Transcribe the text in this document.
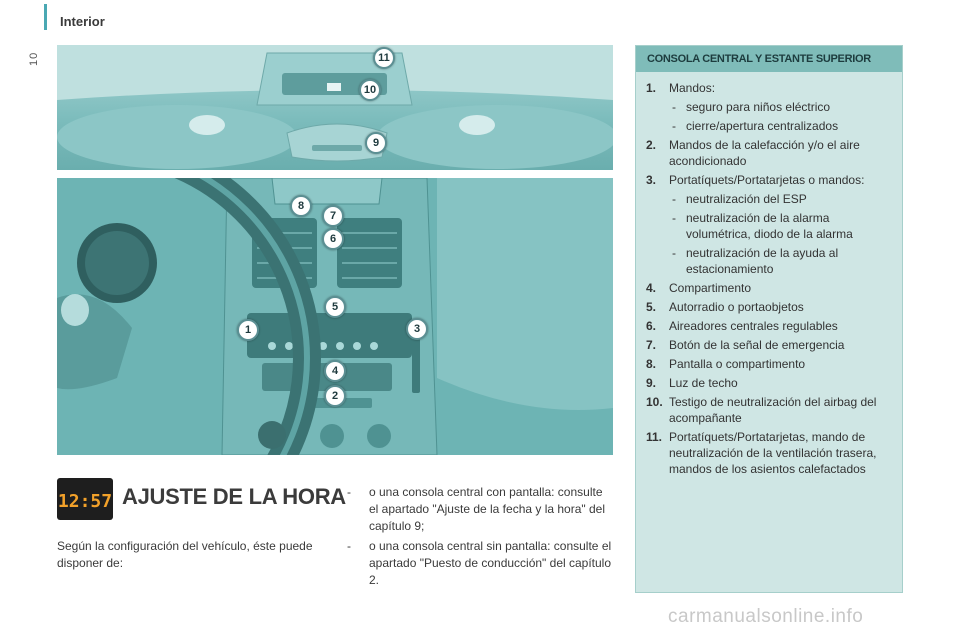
Interior
10	11
10
9
8
7
6
5
1	3
4
2
CONSOLA CENTRAL Y ESTANTE SUPERIOR
1.	Mandos:
- seguro para niños eléctrico
- cierre/apertura centralizados
2.	Mandos de la calefacción y/o el aire acondicionado
3.	Portatíquets/Portatarjetas o mandos:
- neutralización del ESP
- neutralización de la alarma volumétrica, diodo de la alarma
- neutralización de la ayuda al estacionamiento
4.	Compartimento
5.	Autorradio o portaobjetos
6.	Aireadores centrales regulables
7.	Botón de la señal de emergencia
8.	Pantalla o compartimento
9.	Luz de techo
10. Testigo de neutralización del airbag del acompañante
11. Portatíquets/Portatarjetas, mando de neutralización de la ventilación trasera, mandos de los asientos calefactados
12:57 AJUSTE DE LA HORA
Según la configuración del vehículo, éste puede disponer de:
-	o una consola central con pantalla: consulte el apartado "Ajuste de la fecha y la hora" del capítulo 9;
-	o una consola central sin pantalla: consulte el apartado "Puesto de conducción" del capítulo 2.
carmanualsonline.info
